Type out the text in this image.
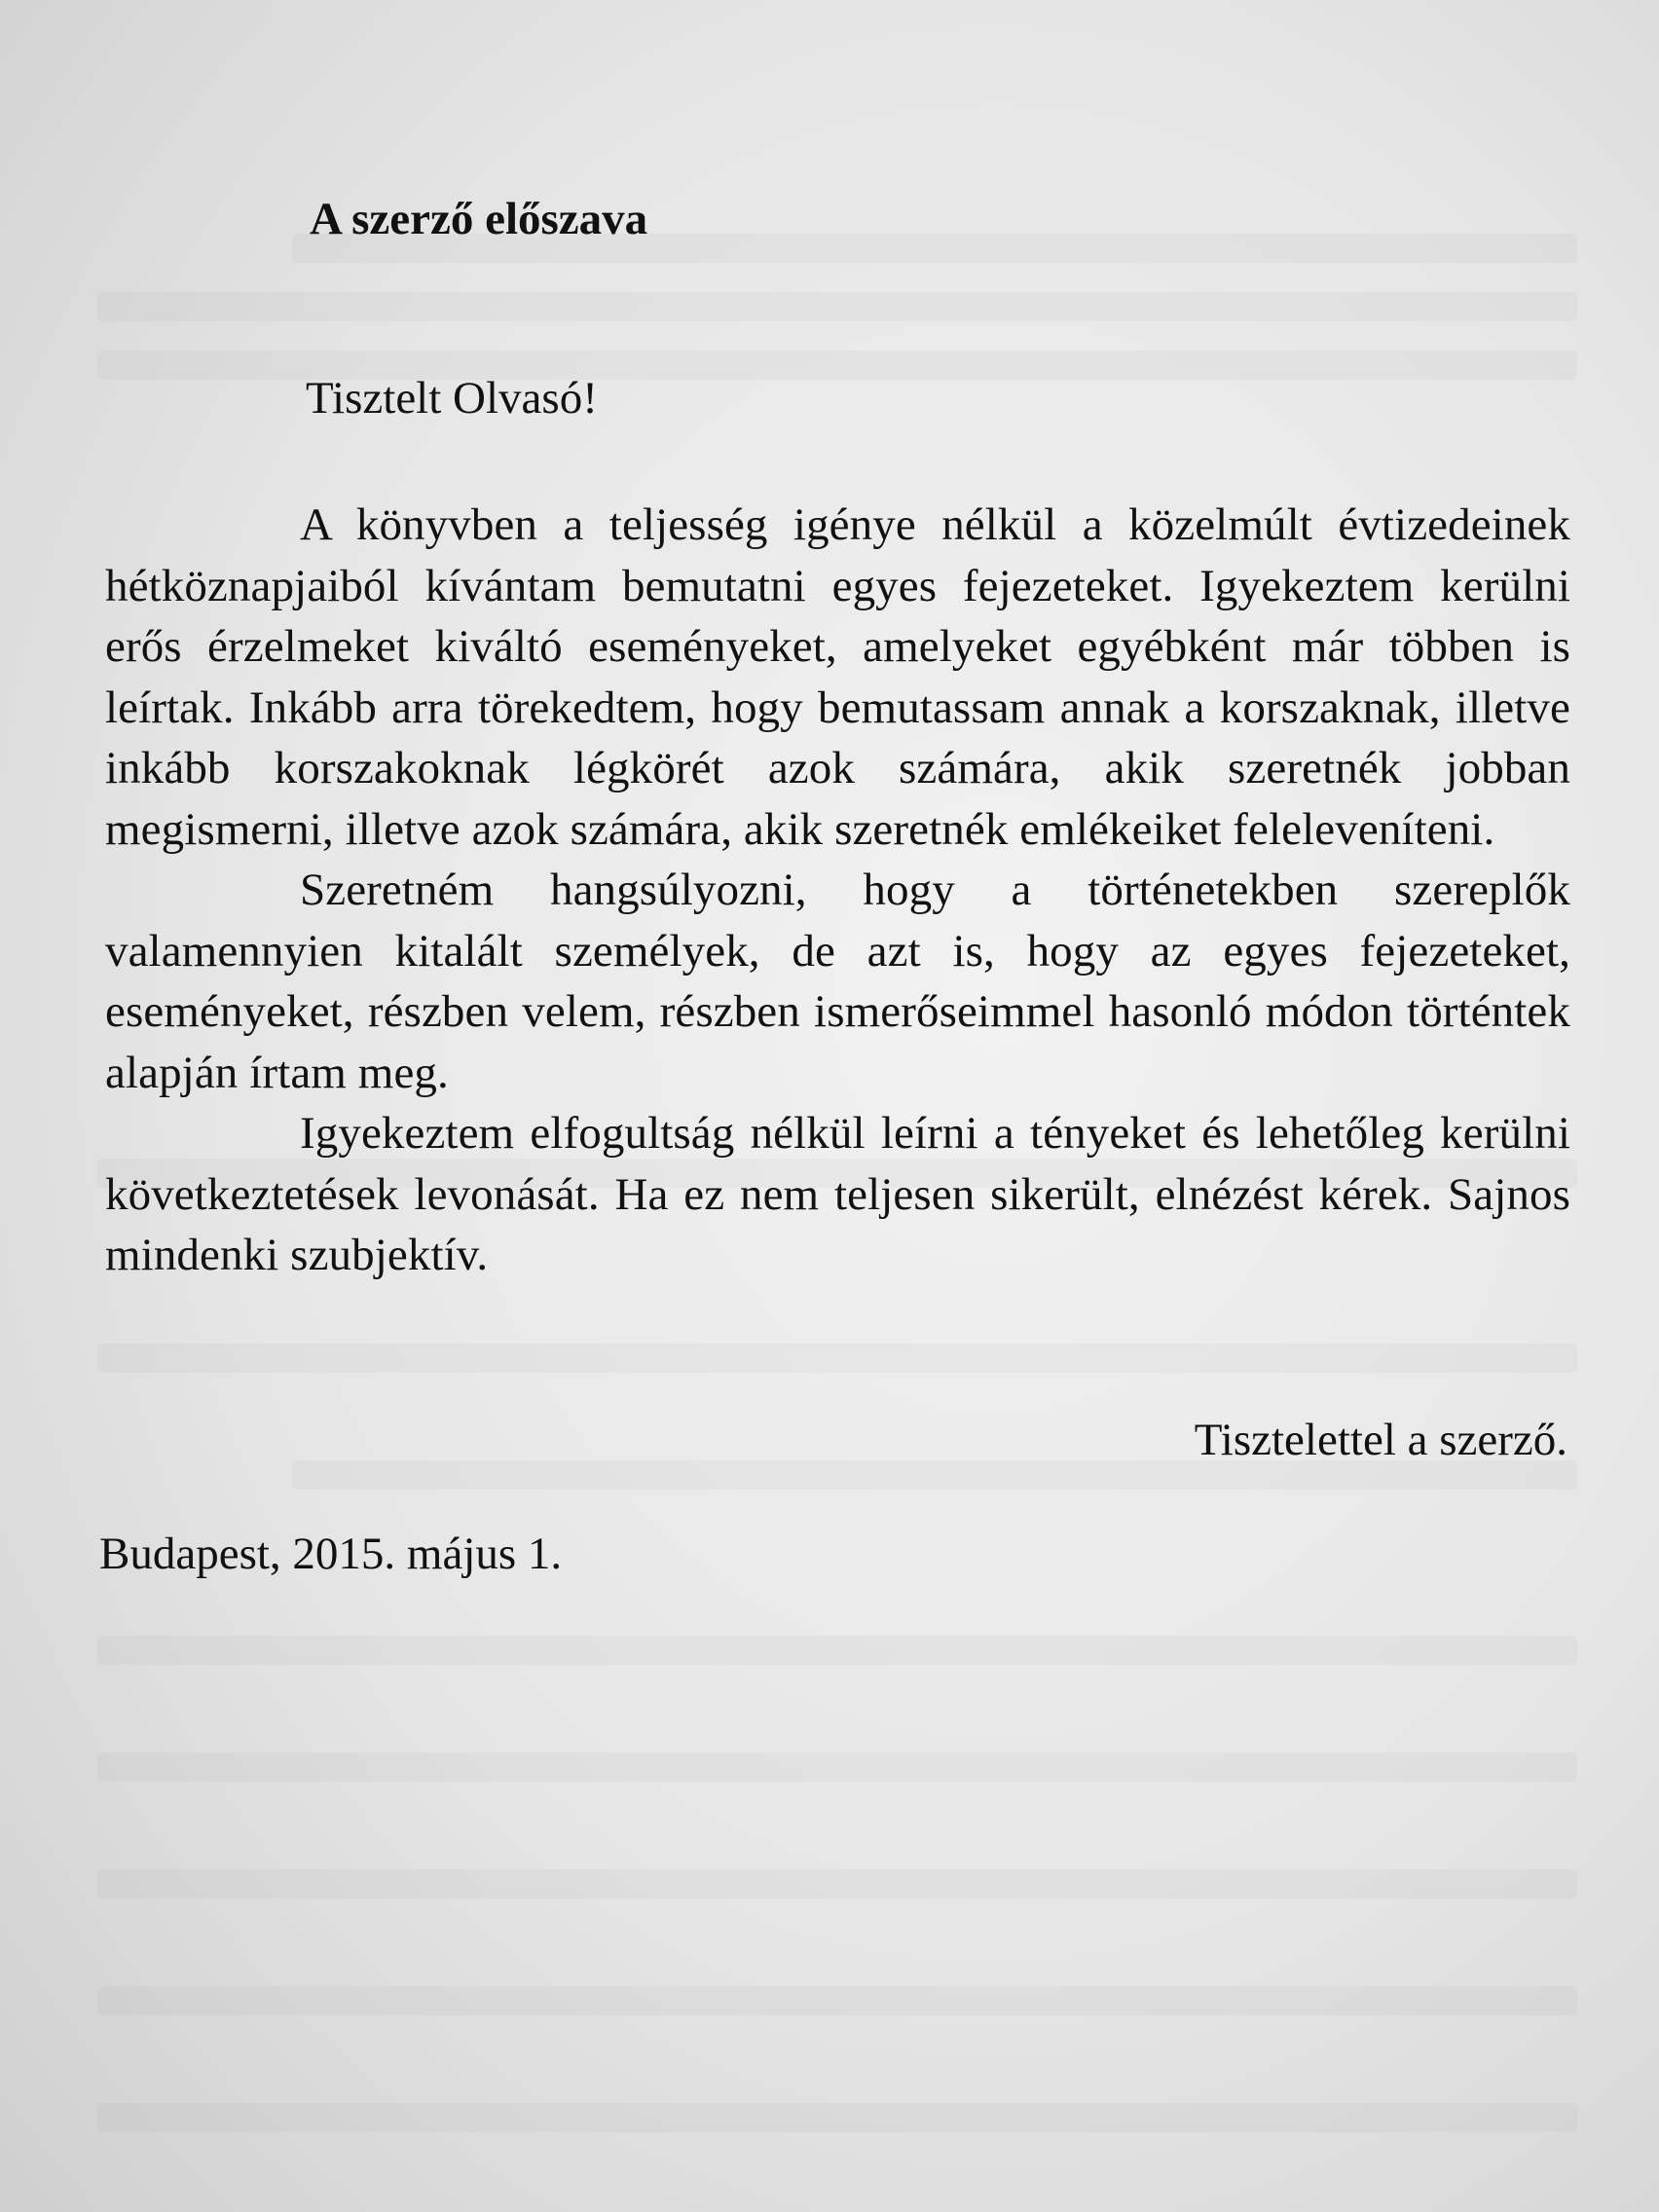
A szerző előszava
Tisztelt Olvasó!

A könyvben a teljesség igénye nélkül a közelmúlt évtizedeinek hétköznapjaiból kívántam bemutatni egyes fejezeteket. Igyekeztem kerülni erős érzelmeket kiváltó eseményeket, amelyeket egyébként már többen is leírtak. Inkább arra törekedtem, hogy bemutassam annak a korszaknak, illetve inkább korszakoknak légkörét azok számára, akik szeretnék jobban megismerni, illetve azok számára, akik szeretnék emlékeiket feleleveníteni.

Szeretném hangsúlyozni, hogy a történetekben szereplők valamennyien kitalált személyek, de azt is, hogy az egyes fejezeteket, eseményeket, részben velem, részben ismerőseimmel hasonló módon történtek alapján írtam meg.

Igyekeztem elfogultság nélkül leírni a tényeket és lehetőleg kerülni következtetések levonását. Ha ez nem teljesen sikerült, elnézést kérek. Sajnos mindenki szubjektív.

Tisztelettel a szerző.
Budapest, 2015. május 1.
